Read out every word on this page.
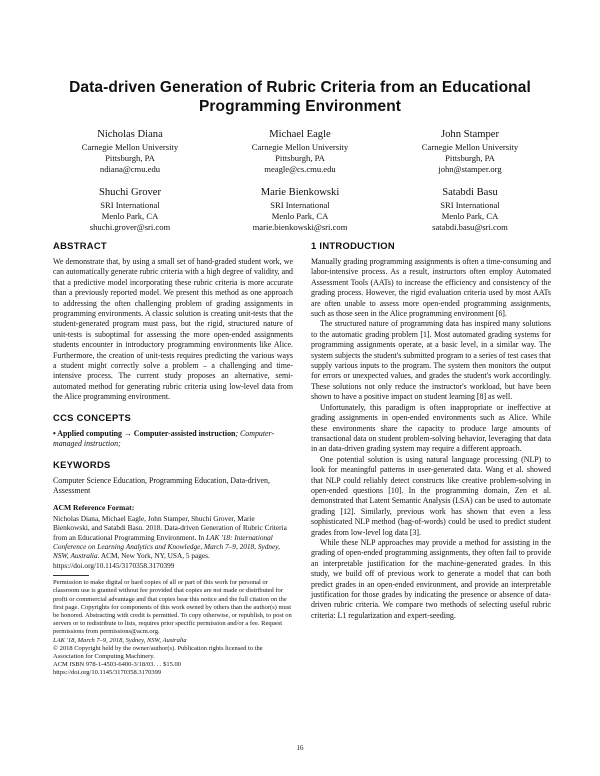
Data-driven Generation of Rubric Criteria from an Educational Programming Environment
Nicholas Diana
Carnegie Mellon University
Pittsburgh, PA
ndiana@cmu.edu
Michael Eagle
Carnegie Mellon University
Pittsburgh, PA
meagle@cs.cmu.edu
John Stamper
Carnegie Mellon University
Pittsburgh, PA
john@stamper.org
Shuchi Grover
SRI International
Menlo Park, CA
shuchi.grover@sri.com
Marie Bienkowski
SRI International
Menlo Park, CA
marie.bienkowski@sri.com
Satabdi Basu
SRI International
Menlo Park, CA
satabdi.basu@sri.com
ABSTRACT

We demonstrate that, by using a small set of hand-graded student work, we can automatically generate rubric criteria with a high degree of validity, and that a predictive model incorporating these rubric criteria is more accurate than a previously reported model. We present this method as one approach to addressing the often challenging problem of grading assignments in programming environments. A classic solution is creating unit-tests that the student-generated program must pass, but the rigid, structured nature of unit-tests is suboptimal for assessing the more open-ended assignments students encounter in introductory programming environments like Alice. Furthermore, the creation of unit-tests requires predicting the various ways a student might correctly solve a problem – a challenging and time-intensive process. The current study proposes an alternative, semi-automated method for generating rubric criteria using low-level data from the Alice programming environment.

CCS CONCEPTS

• Applied computing → Computer-assisted instruction; Computer-managed instruction;

KEYWORDS

Computer Science Education, Programming Education, Data-driven, Assessment

ACM Reference Format:

Nicholas Diana, Michael Eagle, John Stamper, Shuchi Grover, Marie Bienkowski, and Satabdi Basu. 2018. Data-driven Generation of Rubric Criteria from an Educational Programming Environment. In LAK '18: International Conference on Learning Analytics and Knowledge, March 7–9, 2018, Sydney, NSW, Australia. ACM, New York, NY, USA, 5 pages. https://doi.org/10.1145/3170358.3170399

Permission to make digital or hard copies of all or part of this work for personal or classroom use is granted without fee provided that copies are not made or distributed for profit or commercial advantage and that copies bear this notice and the full citation on the first page. Copyrights for components of this work owned by others than the author(s) must be honored. Abstracting with credit is permitted. To copy otherwise, or republish, to post on servers or to redistribute to lists, requires prior specific permission and/or a fee. Request permissions from permissions@acm.org.
LAK '18, March 7–9, 2018, Sydney, NSW, Australia
© 2018 Copyright held by the owner/author(s). Publication rights licensed to the Association for Computing Machinery.
ACM ISBN 978-1-4503-6400-3/18/03. . . $15.00
https://doi.org/10.1145/3170358.3170399
1 INTRODUCTION

Manually grading programming assignments is often a time-consuming and labor-intensive process. As a result, instructors often employ Automated Assessment Tools (AATs) to increase the efficiency and consistency of the grading process. However, the rigid evaluation criteria used by most AATs are often unable to assess more open-ended programming assignments, such as those seen in the Alice programming environment [6].

The structured nature of programming data has inspired many solutions to the automatic grading problem [1]. Most automated grading systems for programming assignments operate, at a basic level, in a similar way. The system subjects the student's submitted program to a series of test cases that supply various inputs to the program. The system then monitors the output for errors or unexpected values, and grades the student's work accordingly. These solutions not only reduce the instructor's workload, but have been shown to have a positive impact on student learning [8] as well.

Unfortunately, this paradigm is often inappropriate or ineffective at grading assignments in open-ended environments such as Alice. While these environments share the capacity to produce large amounts of transactional data on student problem-solving behavior, leveraging that data in an data-driven grading system may require a different approach.

One potential solution is using natural language processing (NLP) to look for meaningful patterns in user-generated data. Wang et al. showed that NLP could reliably detect constructs like creative problem-solving in open-ended questions [10]. In the programming domain, Zen et al. demonstrated that Latent Semantic Analysis (LSA) can be used to automate grading [12]. Similarly, previous work has shown that even a less sophisticated NLP method (bag-of-words) could be used to predict student grades from low-level log data [3].

While these NLP approaches may provide a method for assisting in the grading of open-ended programming assignments, they often fail to provide an interpretable justification for the machine-generated grades. In this study, we build off of previous work to generate a model that can both predict grades in an open-ended environment, and provide an interpretable justification for those grades by indicating the presence or absence of data-driven rubric criteria. We compare two methods of selecting useful rubric criteria: L1 regularization and expert-seeding.

16
